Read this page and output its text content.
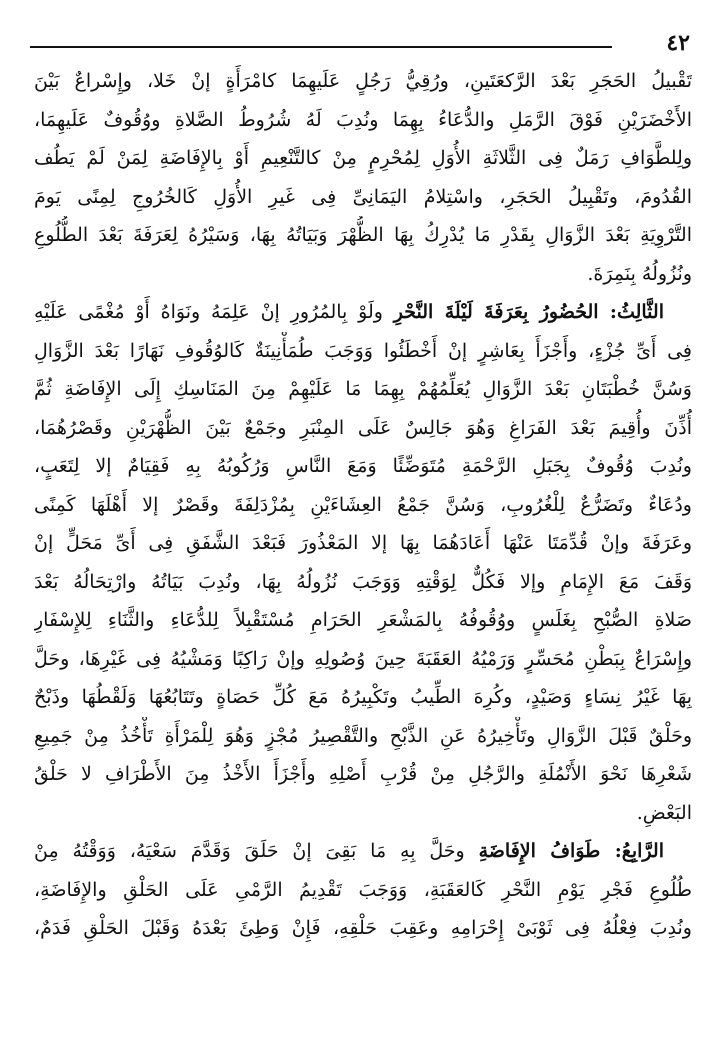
٤٢
تَقْبيلُ الحَجَرِ بَعْدَ الرَّكعَتَينِ، ورُقِيُّ رَجُلٍ عَلَيهِمَا كامْرَأَةٍ إنْ خَلا، وإِسْراعٌ بَيْنَ
الأَخْضَرَيْنِ فَوْقَ الرَّمَلِ والدُّعَاءُ بِهِمَا ونُدِبَ لَهُ شُرُوطُ الصَّلاةِ ووُقُوفٌ عَلَيهِمَا،
ولِلطَّوَافِ رَمَلٌ فِى الثَّلاثَةِ الأُوَلِ لِمُحْرِمٍ مِنْ كالتَّنْعِيمِ أَوْ بِالإِفَاضَةِ لِمَنْ لَمْ يَطُف
القُدُومَ، وتَقْبِيلُ الحَجَرِ، واسْتِلامُ اليَمَانِىِّ فِى غَيرِ الأُوَلِ كَالخُرُوجِ لِمِنًى يَومَ
التَّرْوِيَةِ بَعْدَ الزَّوَالِ بِقَدْرِ مَا يُدْرِكُ بِهَا الظُّهْرَ وَبَيَاتُهُ بِهَا، وَسَيْرُهُ لِعَرَفَةَ بَعْدَ الطُّلُوعِ
ونُزُولُهُ بِنَمِرَةَ.
الثَّالِثُ: الحُضُورُ بِعَرَفَةَ لَيْلَةَ النَّحْرِ ولَوْ بِالمُرُورِ إنْ عَلِمَهُ ونَوَاهُ أَوْ مُغْمًى عَلَيْهِ
فِى أَىِّ جُزْءٍ، وأَجْزَأَ بِعَاشِرٍ إنْ أَخْطَئُوا وَوَجَبَ طُمَأْنِينَةٌ كَالوُقُوفِ نَهَارًا بَعْدَ الزَّوَالِ
وَسُنَّ خُطْبَتَانِ بَعْدَ الزَّوَالِ يُعَلِّمُهُمْ بِهِمَا مَا عَلَيْهِمْ مِنَ المَنَاسِكِ إِلَى الإِفَاضَةِ ثُمَّ
أُذِّنَ وأُقِيمَ بَعْدَ الفَرَاغِ وَهُوَ جَالِسٌ عَلَى المِنْبَرِ وجَمْعٌ بَيْنَ الظُّهْرَيْنِ وقَصْرُهُمَا،
ونُدِبَ وُقُوفٌ بِجَبَلِ الرَّحْمَةِ مُتَوَضِّئًا وَمَعَ النَّاسِ وَرُكُوبُهُ بِهِ فَقِيَامٌ إلا لِتَعَبٍ،
ودُعَاءٌ وتَضَرُّعٌ لِلْغُرُوبِ، وَسُنَّ جَمْعُ العِشَاءَيْنِ بِمُزْدَلِفَةَ وقَصْرٌ إلا أَهْلَهَا كَمِنًى
وعَرَفَةَ وإنْ قُدِّمَتَا عَنْهَا أَعَادَهُمَا بِهَا إلا المَعْذُورَ فَبَعْدَ الشَّفَقِ فِى أَىِّ مَحَلٍّ إنْ
وَقَفَ مَعَ الإِمَامِ وإلا فَكُلٌّ لِوَقْتِهِ وَوَجَبَ نُزُولُهُ بِهَا، ونُدِبَ بَيَاتُهُ وارْتِحَالُهُ بَعْدَ
صَلاةِ الصُّبْحِ بِغَلَسٍ ووُقُوفُهُ بِالمَشْعَرِ الحَرَامِ مُسْتَقْبِلاً لِلدُّعَاءِ والثَّنَاءِ لِلإِسْفَارِ
وإِسْرَاعٌ بِبَطْنِ مُحَسِّرٍ وَرَمْيُهُ العَقَبَةَ حِينَ وُصُولِهِ وإنْ رَاكِبًا وَمَشْيُهُ فِى غَيْرِهَا، وحَلَّ
بِهَا غَيْرُ نِسَاءٍ وَصَيْدٍ، وكُرِهَ الطِّيبُ وتَكْبِيرُهُ مَعَ كُلِّ حَصَاةٍ وتَتَابُعُهَا وَلَقْطُهَا وذَبْحٌ
وحَلْقٌ قَبْلَ الزَّوَالِ وتَأْخِيرُهُ عَنِ الذَّبْحِ والتَّقْصِيرُ مُجْزٍ وَهُوَ لِلْمَرْأَةِ تَأْخُذُ مِنْ جَمِيعِ
شَعْرِهَا نَحْوَ الأَنْمُلَةِ والرَّجُلِ مِنْ قُرْبِ أَصْلِهِ وأَجْزَأَ الأَخْذُ مِنَ الأَطْرَافِ لا حَلْقُ
البَعْضِ.
الرَّابِعُ: طَوَافُ الإِفَاضَةِ وحَلَّ بِهِ مَا بَقِىَ إنْ حَلَقَ وَقَدَّمَ سَعْيَهُ، وَوَقْتُهُ مِنْ
طُلُوعِ فَجْرِ يَوْمِ النَّحْرِ كَالعَقَبَةِ، وَوَجَبَ تَقْدِيمُ الرَّمْىِ عَلَى الحَلْقِ والإِفَاضَةِ،
ونُدِبَ فِعْلُهُ فِى ثَوْبَىْ إِحْرَامِهِ وعَقِبَ حَلْقِهِ، فَإِنْ وَطِئَ بَعْدَهُ وَقَبْلَ الحَلْقِ فَدَمٌ،
